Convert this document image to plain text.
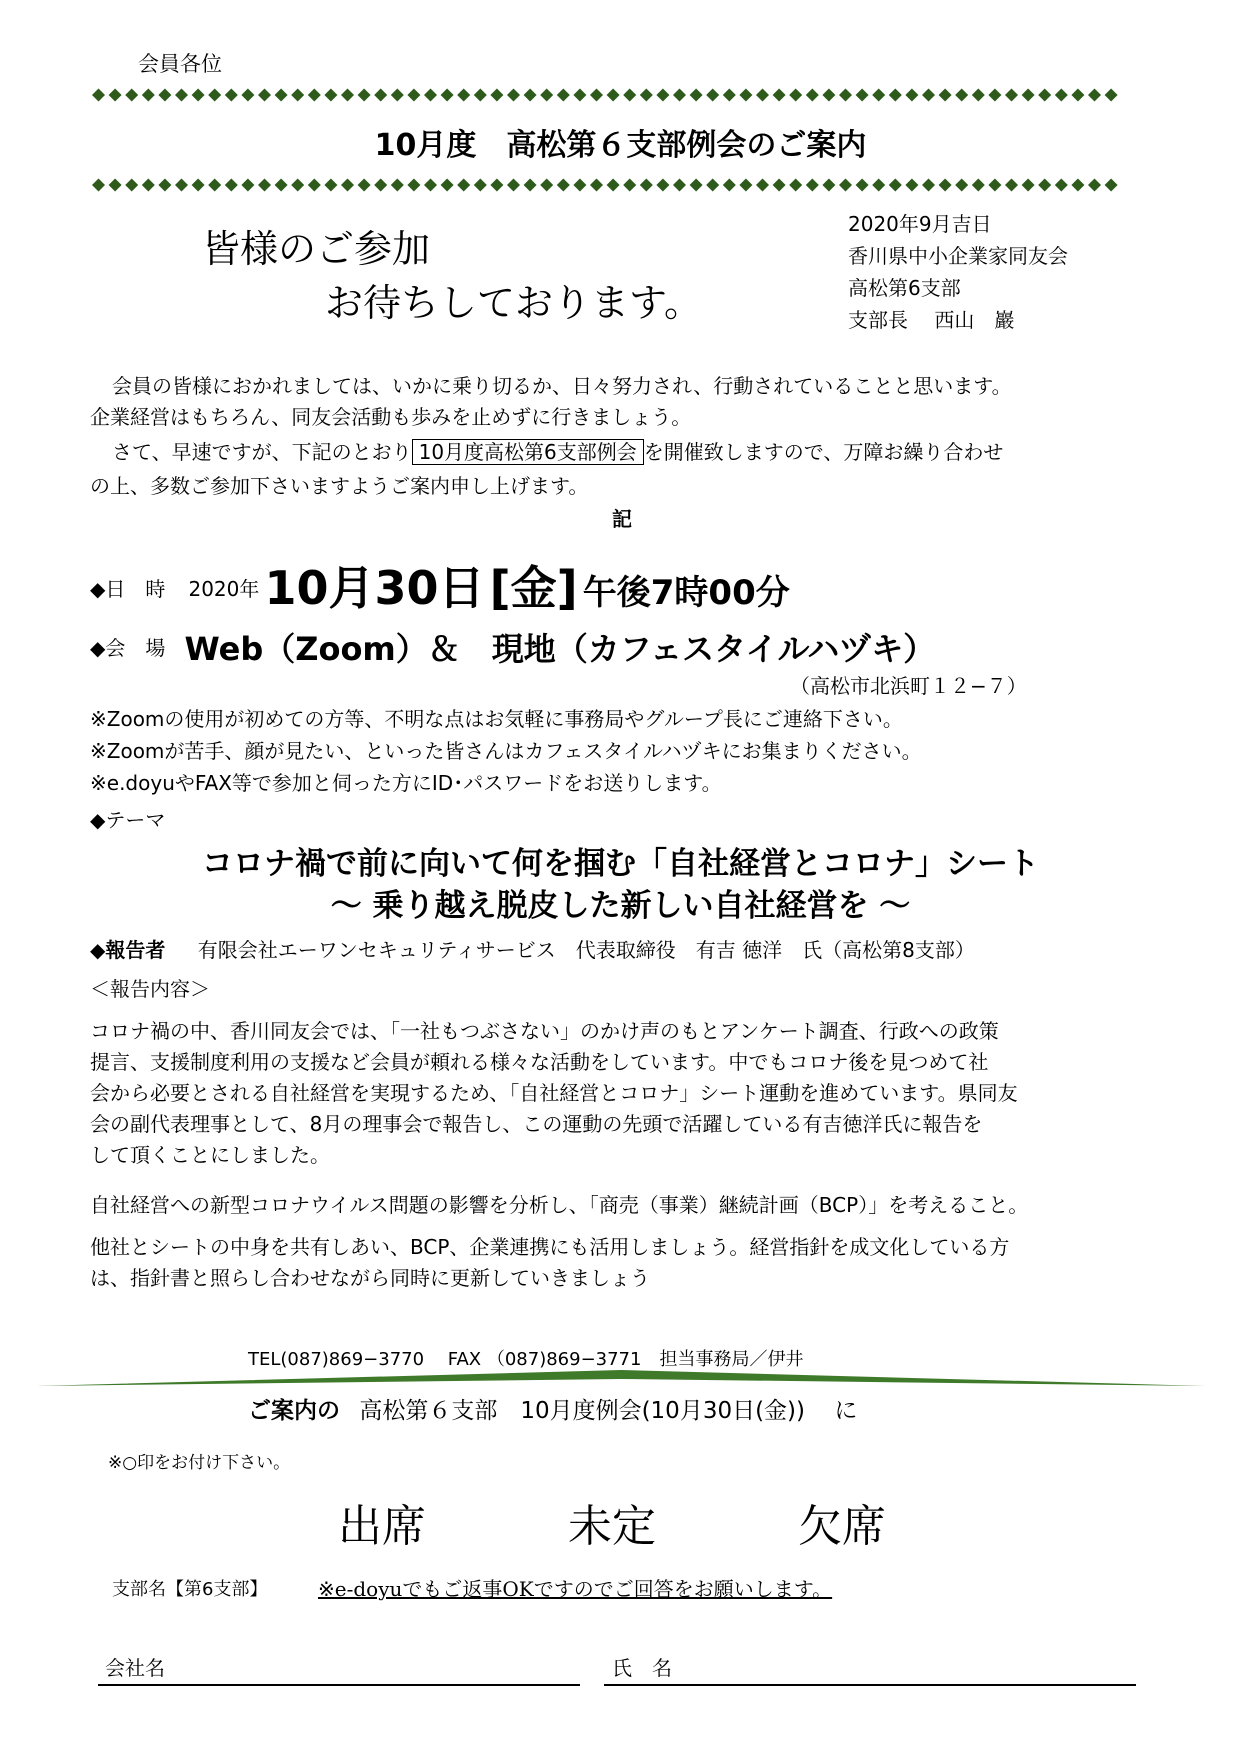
会員各位
10月度　高松第６支部例会のご案内
皆様のご参加
お待ちしております。
2020年9月吉日
香川県中小企業家同友会
高松第6支部
支部長　 西山　巖
会員の皆様におかれましては、いかに乗り切るか、日々努力され、行動されていることと思います。
企業経営はもちろん、同友会活動も歩みを止めずに行きましょう。
さて、早速ですが、下記のとおり 10月度高松第6支部例会 を開催致しますので、万障お繰り合わせ
の上、多数ご参加下さいますようご案内申し上げます。
記
◆日　時 2020年 10月30日 [金] 午後7時00分
◆会　場 Web（Zoom）＆　現地（カフェスタイルハヅキ）
（高松市北浜町１２−７）
※Zoomの使用が初めての方等、不明な点はお気軽に事務局やグループ長にご連絡下さい。
※Zoomが苦手、顔が見たい、といった皆さんはカフェスタイルハヅキにお集まりください。
※e.doyuやFAX等で参加と伺った方にID･パスワードをお送りします。
◆テーマ
コロナ禍で前に向いて何を掴む「自社経営とコロナ」シート
〜 乗り越え脱皮した新しい自社経営を 〜
◆報告者 有限会社エーワンセキュリティサービス　代表取締役　有吉 徳洋　氏（高松第8支部）
＜報告内容＞
コロナ禍の中、香川同友会では、「一社もつぶさない」のかけ声のもとアンケート調査、行政への政策
提言、支援制度利用の支援など会員が頼れる様々な活動をしています。中でもコロナ後を見つめて社
会から必要とされる自社経営を実現するため、「自社経営とコロナ」シート運動を進めています。県同友
会の副代表理事として、8月の理事会で報告し、この運動の先頭で活躍している有吉徳洋氏に報告を
して頂くことにしました。
自社経営への新型コロナウイルス問題の影響を分析し、「商売（事業）継続計画（BCP）」を考えること。
他社とシートの中身を共有しあい、BCP、企業連携にも活用しましょう。経営指針を成文化している方
は、指針書と照らし合わせながら同時に更新していきましょう
TEL(087)869−3770　 FAX （087)869−3771　担当事務局／伊井
ご案内の 高松第６支部　10月度例会(10月30日(金)) に
※○印をお付け下さい。
出席	未定	欠席
支部名【第6支部】	※e-doyuでもご返事OKですのでご回答をお願いします。
会社名	氏　名
